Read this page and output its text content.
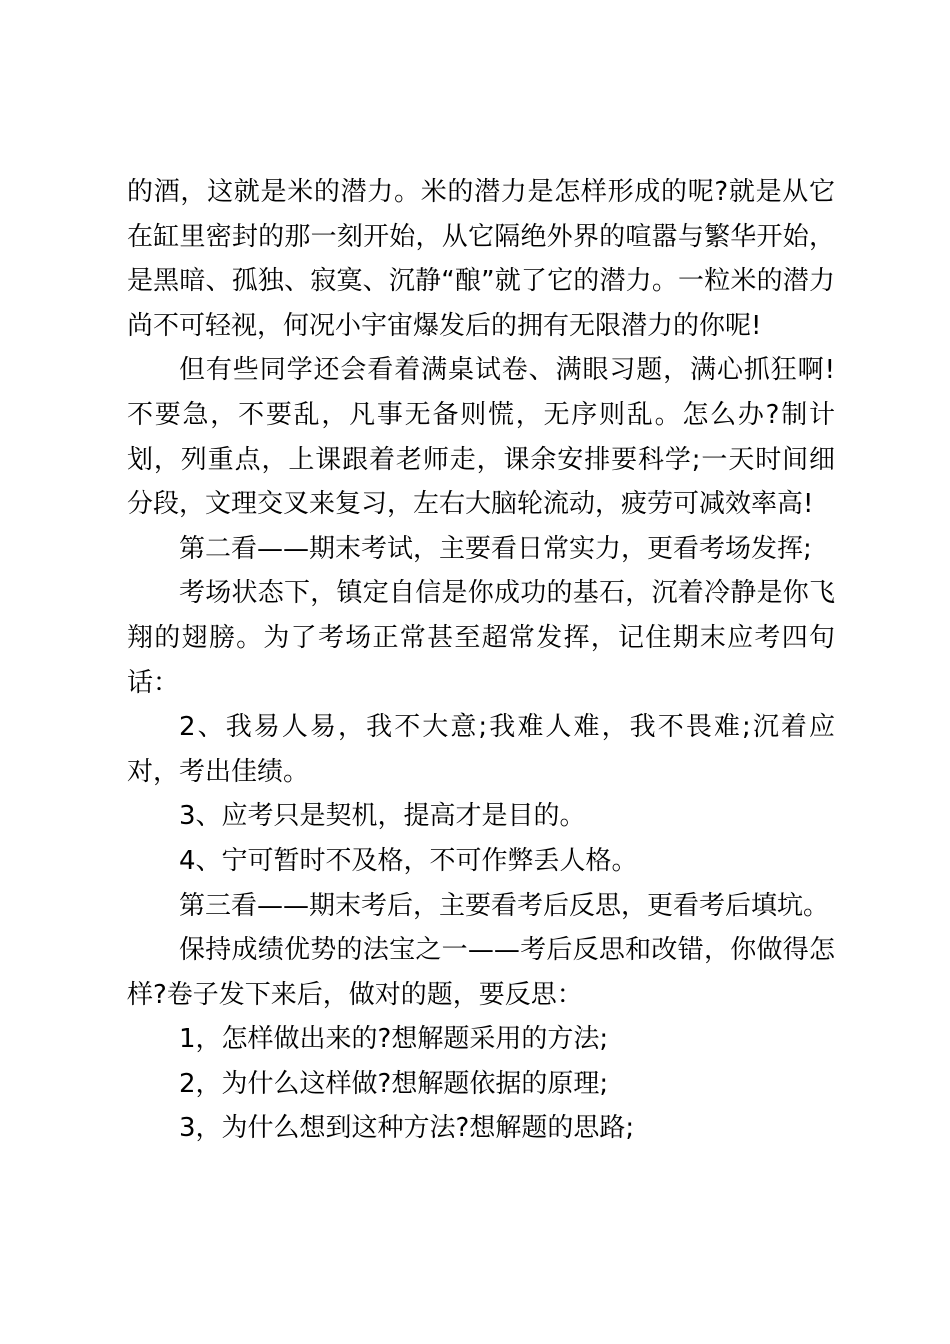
的酒，这就是米的潜力。米的潜力是怎样形成的呢?就是从它在缸里密封的那一刻开始，从它隔绝外界的喧嚣与繁华开始，是黑暗、孤独、寂寞、沉静“酿”就了它的潜力。一粒米的潜力尚不可轻视，何况小宇宙爆发后的拥有无限潜力的你呢!

但有些同学还会看着满桌试卷、满眼习题，满心抓狂啊!不要急，不要乱，凡事无备则慌，无序则乱。怎么办?制计划，列重点，上课跟着老师走，课余安排要科学;一天时间细分段，文理交叉来复习，左右大脑轮流动，疲劳可减效率高!

第二看——期末考试，主要看日常实力，更看考场发挥;

考场状态下，镇定自信是你成功的基石，沉着冷静是你飞翔的翅膀。为了考场正常甚至超常发挥，记住期末应考四句话：

2、我易人易，我不大意;我难人难，我不畏难;沉着应对，考出佳绩。

3、应考只是契机，提高才是目的。

4、宁可暂时不及格，不可作弊丢人格。

第三看——期末考后，主要看考后反思，更看考后填坑。

保持成绩优势的法宝之一——考后反思和改错，你做得怎样?卷子发下来后，做对的题，要反思：

1，怎样做出来的?想解题采用的方法;

2，为什么这样做?想解题依据的原理;

3，为什么想到这种方法?想解题的思路;
